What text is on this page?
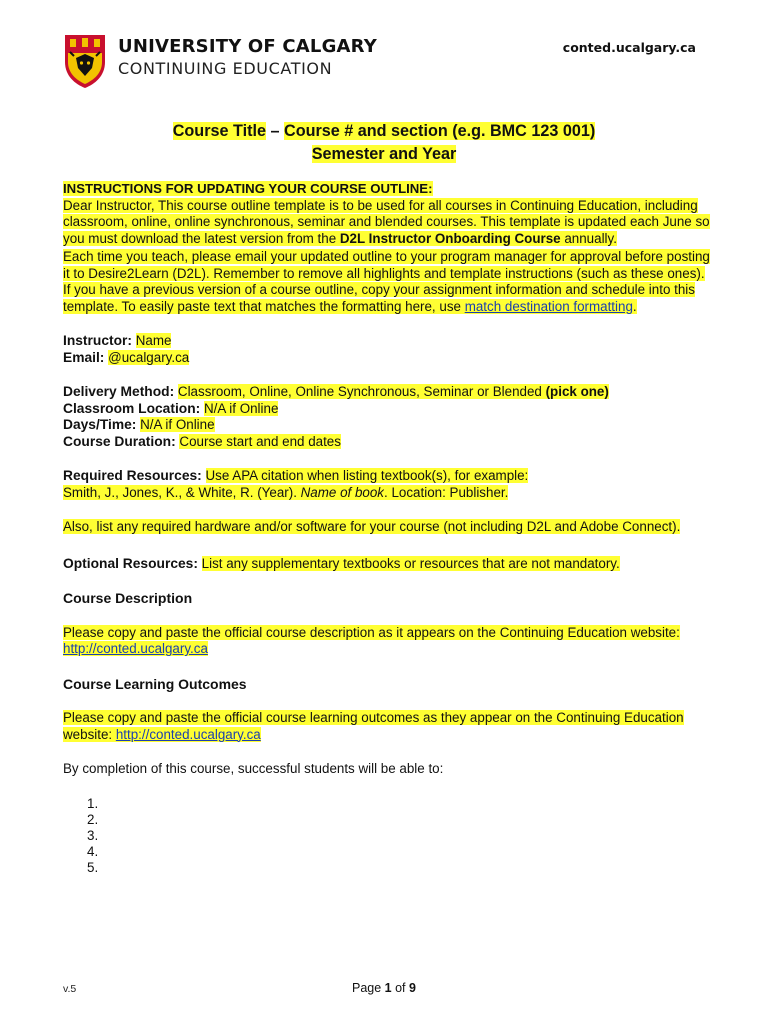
UNIVERSITY OF CALGARY
CONTINUING EDUCATION
conted.ucalgary.ca
Course Title – Course # and section (e.g. BMC 123 001)
Semester and Year
INSTRUCTIONS FOR UPDATING YOUR COURSE OUTLINE:
Dear Instructor, This course outline template is to be used for all courses in Continuing Education, including classroom, online, online synchronous, seminar and blended courses. This template is updated each June so you must download the latest version from the D2L Instructor Onboarding Course annually.
Each time you teach, please email your updated outline to your program manager for approval before posting it to Desire2Learn (D2L). Remember to remove all highlights and template instructions (such as these ones). If you have a previous version of a course outline, copy your assignment information and schedule into this template. To easily paste text that matches the formatting here, use match destination formatting.
Instructor: Name
Email: @ucalgary.ca
Delivery Method: Classroom, Online, Online Synchronous, Seminar or Blended (pick one)
Classroom Location: N/A if Online
Days/Time: N/A if Online
Course Duration: Course start and end dates
Required Resources: Use APA citation when listing textbook(s), for example:
Smith, J., Jones, K., & White, R. (Year). Name of book. Location: Publisher.
Also, list any required hardware and/or software for your course (not including D2L and Adobe Connect).
Optional Resources: List any supplementary textbooks or resources that are not mandatory.
Course Description
Please copy and paste the official course description as it appears on the Continuing Education website: http://conted.ucalgary.ca
Course Learning Outcomes
Please copy and paste the official course learning outcomes as they appear on the Continuing Education website: http://conted.ucalgary.ca
By completion of this course, successful students will be able to:
1.
2.
3.
4.
5.
v.5	Page 1 of 9
